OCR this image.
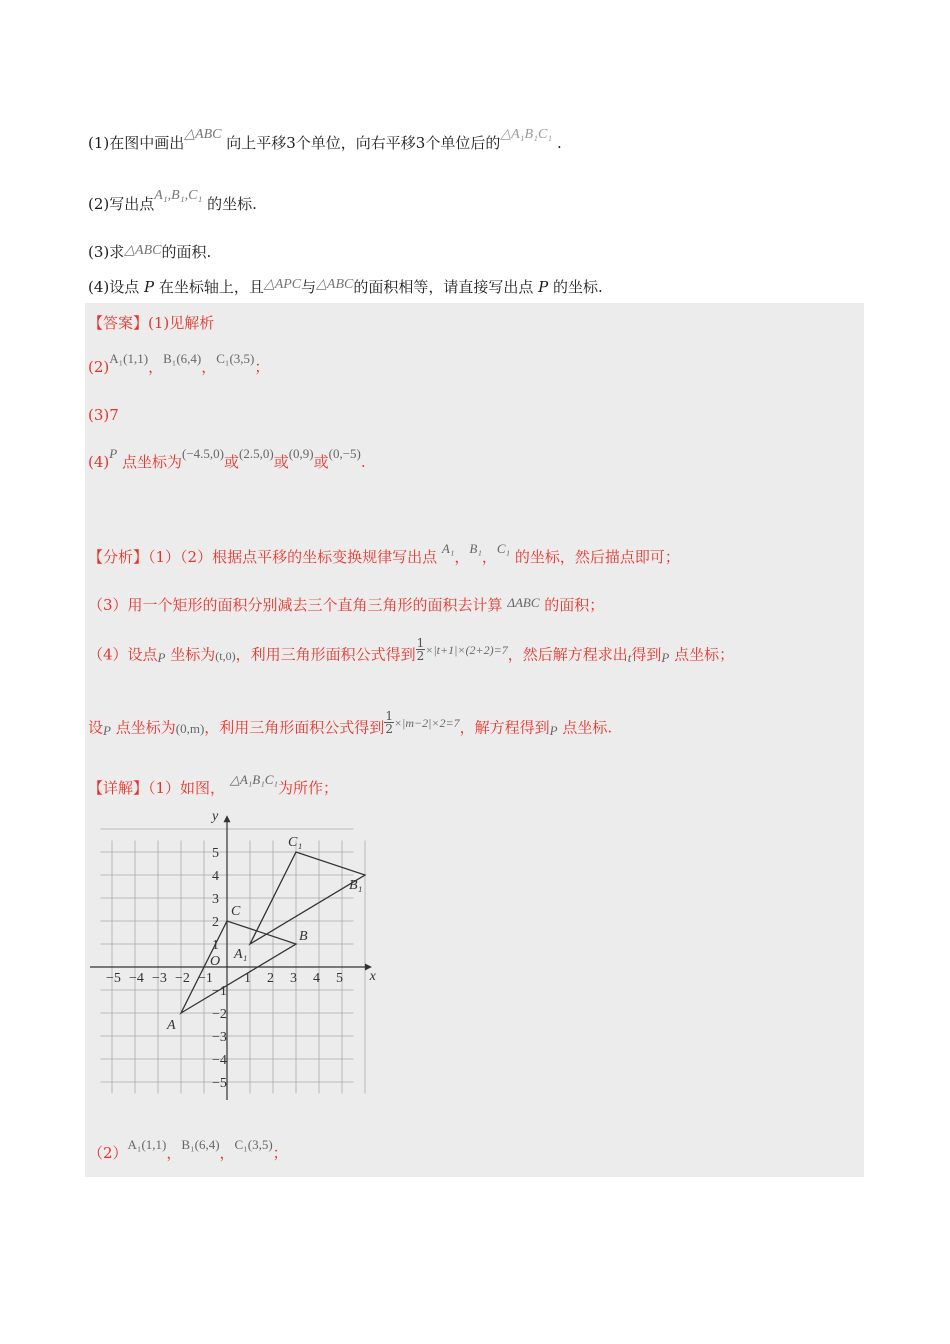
(1)在图中画出△ABC 向上平移3个单位，向右平移3个单位后的△A₁B₁C₁ .
(2)写出点A₁,B₁,C₁ 的坐标.
(3)求△ABC的面积.
(4)设点 P 在坐标轴上，且△APC与△ABC的面积相等，请直接写出点 P 的坐标.
【答案】(1)见解析
(2)A₁(1,1)，B₁(6,4)，C₁(3,5)；
(3)7
(4)P 点坐标为(−4.5,0)或(2.5,0)或(0,9)或(0,−5).
【分析】（1）（2）根据点平移的坐标变换规律写出点 A₁，B₁，C₁ 的坐标，然后描点即可；
（3）用一个矩形的面积分别减去三个直角三角形的面积去计算 ΔABC 的面积；
（4）设点P 坐标为(t,0)，利用三角形面积公式得到 $\frac{1}{2} ^{\times|t+1|\times(2+2)=7}$，然后解方程求出t得到P 点坐标；
设P 点坐标为(0,m)，利用三角形面积公式得到 $\frac{1}{2} ^{\times|m-2|\times 2=7}$，解方程得到P 点坐标.
【详解】（1）如图， △A₁B₁C₁为所作；
x
y
O
−5 −4 −3 −2 −1 1 2 3 4 5
5
4
3
2
1
−1
−2
−3
−4
−5
A
B
C
A₁
B₁
C₁
（2）A₁(1,1)，B₁(6,4)，C₁(3,5)；
